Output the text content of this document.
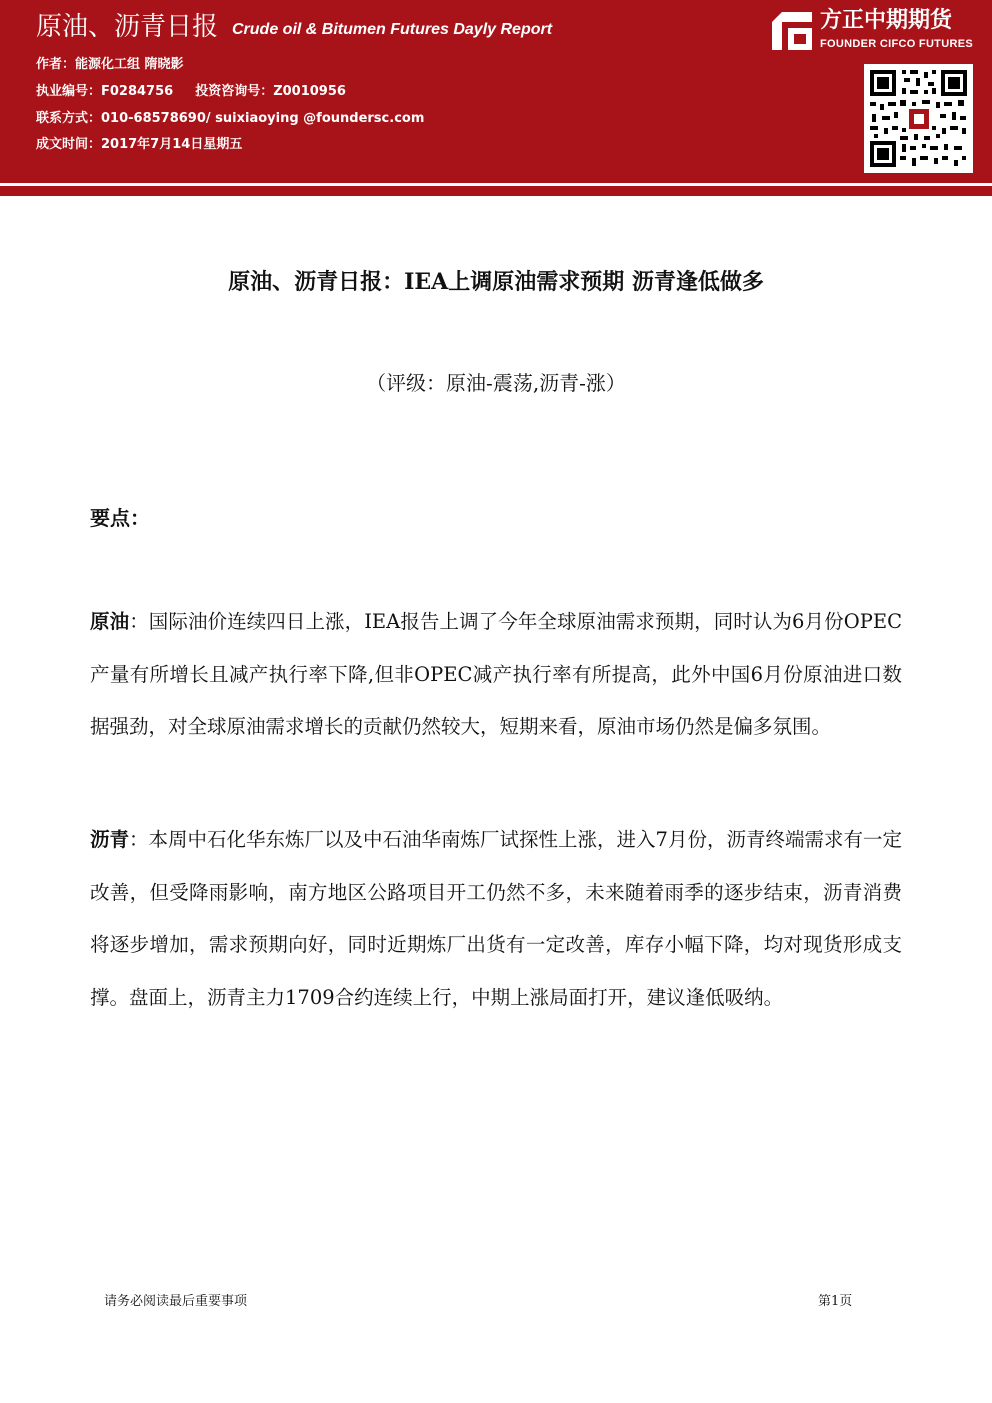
原油、沥青日报 Crude oil & Bitumen Futures Dayly Report
作者：能源化工组 隋晓影
执业编号：F0284756 投资咨询号：Z0010956
联系方式：010-68578690/ suixiaoying @foundersc.com
成文时间：2017年7月14日星期五
方正中期期货
FOUNDER CIFCO FUTURES
原油、沥青日报：IEA上调原油需求预期 沥青逢低做多
（评级：原油-震荡,沥青-涨）
要点：
原油：国际油价连续四日上涨，IEA报告上调了今年全球原油需求预期，同时认为6月份OPEC产量有所增长且减产执行率下降,但非OPEC减产执行率有所提高，此外中国6月份原油进口数据强劲，对全球原油需求增长的贡献仍然较大，短期来看，原油市场仍然是偏多氛围。
沥青：本周中石化华东炼厂以及中石油华南炼厂试探性上涨，进入7月份，沥青终端需求有一定改善，但受降雨影响，南方地区公路项目开工仍然不多，未来随着雨季的逐步结束，沥青消费将逐步增加，需求预期向好，同时近期炼厂出货有一定改善，库存小幅下降，均对现货形成支撑。盘面上，沥青主力1709合约连续上行，中期上涨局面打开，建议逢低吸纳。
请务必阅读最后重要事项	第1页
